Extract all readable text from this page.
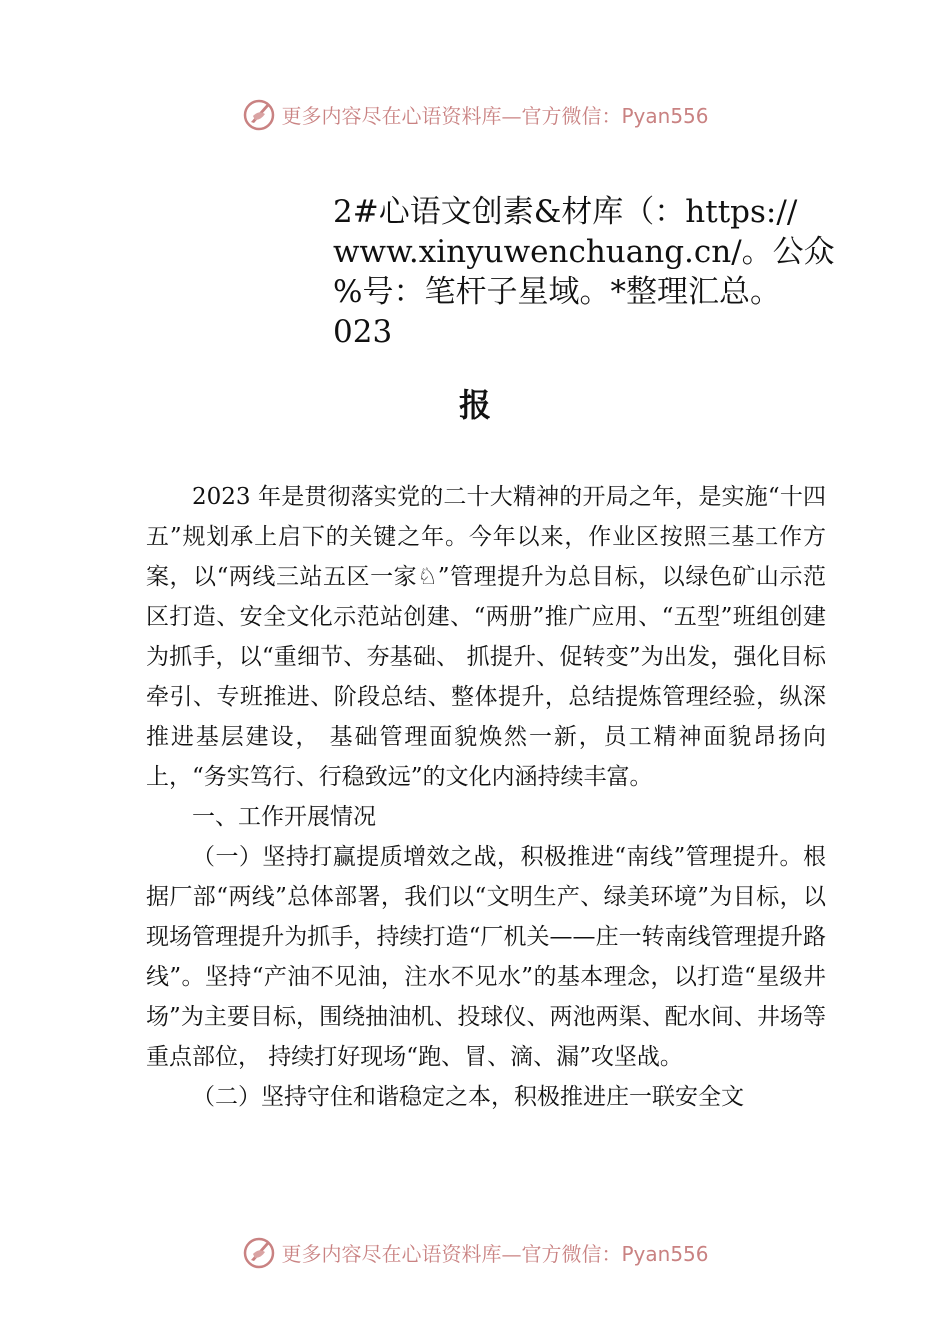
更多内容尽在心语资料库—官方微信：Pyan556
2#心语文创素&材库（：https://
www.xinyuwenchuang.cn/。公众
%号：笔杆子星域。*整理汇总。
023
报

2023 年是贯彻落实党的二十大精神的开局之年，是实施“十四五”规划承上启下的关键之年。今年以来，作业区按照三基工作方案，以“两线三站五区一家♘”管理提升为总目标，以绿色矿山示范区打造、安全文化示范站创建、“两册”推广应用、“五型”班组创建为抓手，以“重细节、夯基础、 抓提升、促转变”为出发，强化目标牵引、专班推进、阶段总结、整体提升，总结提炼管理经验，纵深推进基层建设， 基础管理面貌焕然一新，员工精神面貌昂扬向上，“务实笃行、行稳致远”的文化内涵持续丰富。

一、工作开展情况

（一）坚持打赢提质增效之战，积极推进“南线”管理提升。根据厂部“两线”总体部署，我们以“文明生产、绿美环境”为目标，以现场管理提升为抓手，持续打造“厂机关——庄一转南线管理提升路线”。坚持“产油不见油，注水不见水”的基本理念，以打造“星级井场”为主要目标，围绕抽油机、投球仪、两池两渠、配水间、井场等重点部位， 持续打好现场“跑、冒、滴、漏”攻坚战。

（二）坚持守住和谐稳定之本，积极推进庄一联安全文

更多内容尽在心语资料库—官方微信：Pyan556
